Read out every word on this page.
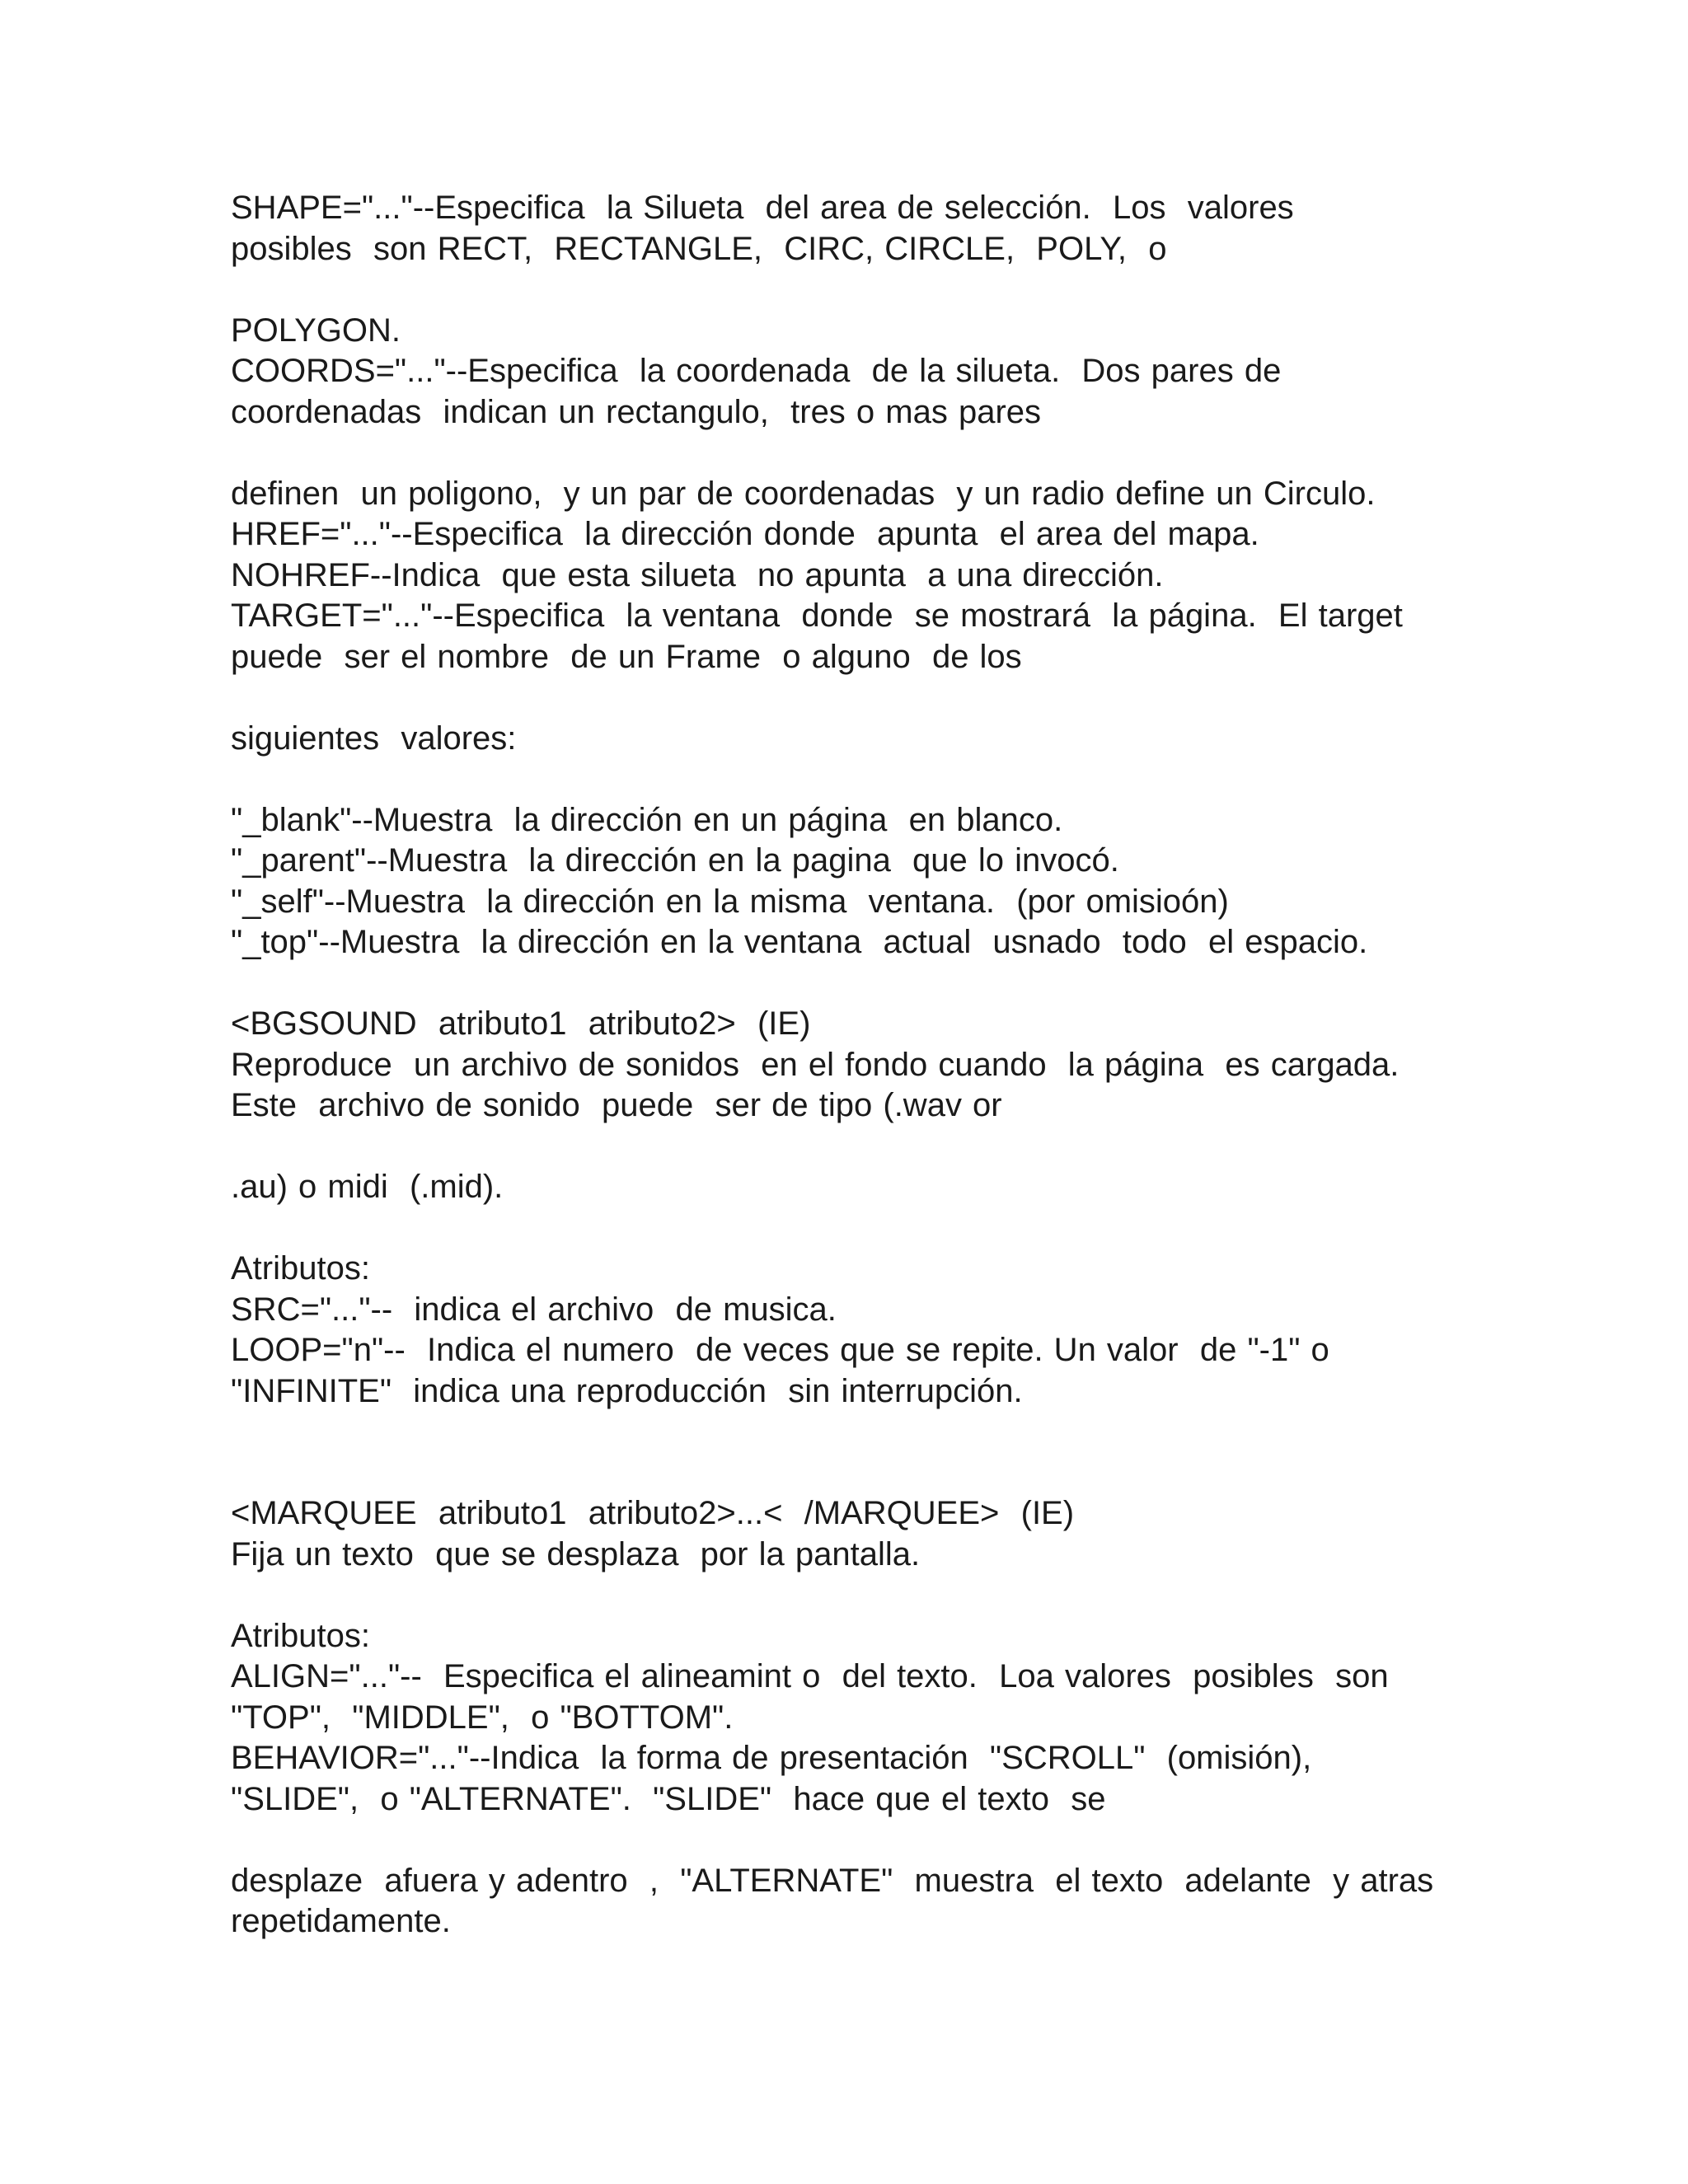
SHAPE="..."--Especifica  la Silueta  del area de selección.  Los  valores
posibles  son RECT,  RECTANGLE,  CIRC, CIRCLE,  POLY,  o
POLYGON.
COORDS="..."--Especifica  la coordenada  de la silueta.  Dos pares de
coordenadas  indican un rectangulo,  tres o mas pares
definen  un poligono,  y un par de coordenadas  y un radio define un Circulo.
HREF="..."--Especifica  la dirección donde  apunta  el area del mapa.
NOHREF--Indica  que esta silueta  no apunta  a una dirección.
TARGET="..."--Especifica  la ventana  donde  se mostrará  la página.  El target
puede  ser el nombre  de un Frame  o alguno  de los
siguientes  valores:
"_blank"--Muestra  la dirección en un página  en blanco.
"_parent"--Muestra  la dirección en la pagina  que lo invocó.
"_self"--Muestra  la dirección en la misma  ventana.  (por omisioón)
"_top"--Muestra  la dirección en la ventana  actual  usnado  todo  el espacio.
<BGSOUND  atributo1  atributo2>  (IE)
Reproduce  un archivo de sonidos  en el fondo cuando  la página  es cargada.
Este  archivo de sonido  puede  ser de tipo (.wav or
.au) o midi  (.mid).
Atributos:
SRC="..."--  indica el archivo  de musica.
LOOP="n"--  Indica el numero  de veces que se repite. Un valor  de "-1" o
"INFINITE"  indica una reproducción  sin interrupción.
<MARQUEE  atributo1  atributo2>...<  /MARQUEE>  (IE)
Fija un texto  que se desplaza  por la pantalla.
Atributos:
ALIGN="..."--  Especifica el alineamint o  del texto.  Loa valores  posibles  son
"TOP",  "MIDDLE",  o "BOTTOM".
BEHAVIOR="..."--Indica  la forma de presentación  "SCROLL"  (omisión),
"SLIDE",  o "ALTERNATE".  "SLIDE"  hace que el texto  se
desplaze  afuera y adentro  ,  "ALTERNATE"  muestra  el texto  adelante  y atras
repetidamente.
